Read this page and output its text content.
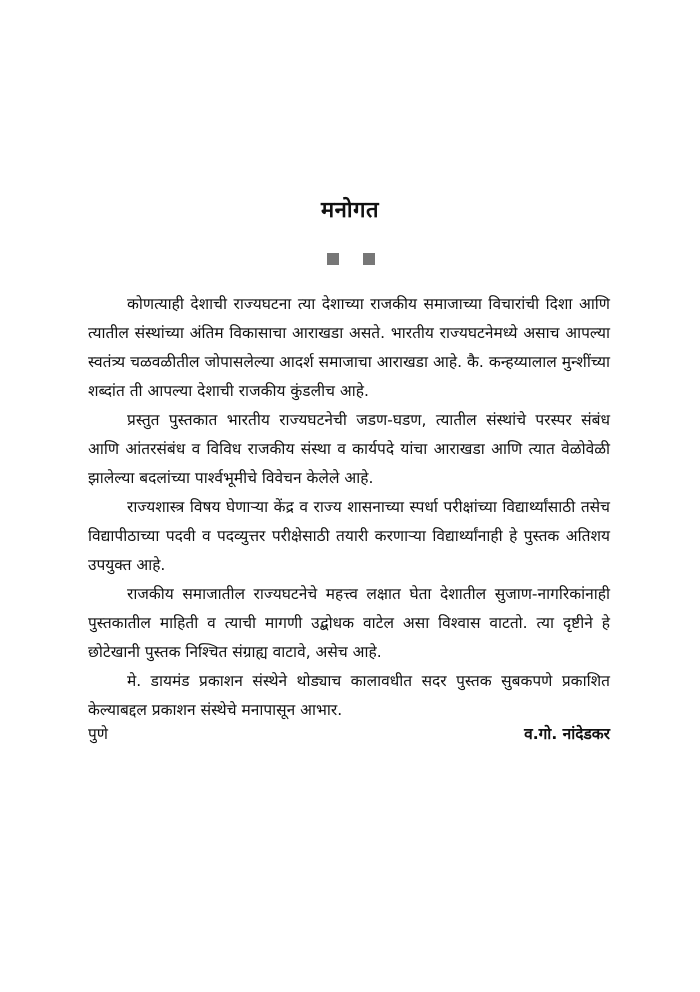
मनोगत

कोणत्याही देशाची राज्यघटना त्या देशाच्या राजकीय समाजाच्या विचारांची दिशा आणि त्यातील संस्थांच्या अंतिम विकासाचा आराखडा असते. भारतीय राज्यघटनेमध्ये असाच आपल्या स्वतंत्र्य चळवळीतील जोपासलेल्या आदर्श समाजाचा आराखडा आहे. कै. कन्हय्यालाल मुन्शींच्या शब्दांत ती आपल्या देशाची राजकीय कुंडलीच आहे.

प्रस्तुत पुस्तकात भारतीय राज्यघटनेची जडण-घडण, त्यातील संस्थांचे परस्पर संबंध आणि आंतरसंबंध व विविध राजकीय संस्था व कार्यपदे यांचा आराखडा आणि त्यात वेळोवेळी झालेल्या बदलांच्या पार्श्वभूमीचे विवेचन केलेले आहे.

राज्यशास्त्र विषय घेणाऱ्या केंद्र व राज्य शासनाच्या स्पर्धा परीक्षांच्या विद्यार्थ्यांसाठी तसेच विद्यापीठाच्या पदवी व पदव्युत्तर परीक्षेसाठी तयारी करणाऱ्या विद्यार्थ्यांनाही हे पुस्तक अतिशय उपयुक्त आहे.

राजकीय समाजातील राज्यघटनेचे महत्त्व लक्षात घेता देशातील सुजाण-नागरिकांनाही पुस्तकातील माहिती व त्याची मागणी उद्बोधक वाटेल असा विश्वास वाटतो. त्या दृष्टीने हे छोटेखानी पुस्तक निश्चित संग्राह्य वाटावे, असेच आहे.

मे. डायमंड प्रकाशन संस्थेने थोड्याच कालावधीत सदर पुस्तक सुबकपणे प्रकाशित केल्याबद्दल प्रकाशन संस्थेचे मनापासून आभार.

पुणे	व.गो. नांदेडकर
